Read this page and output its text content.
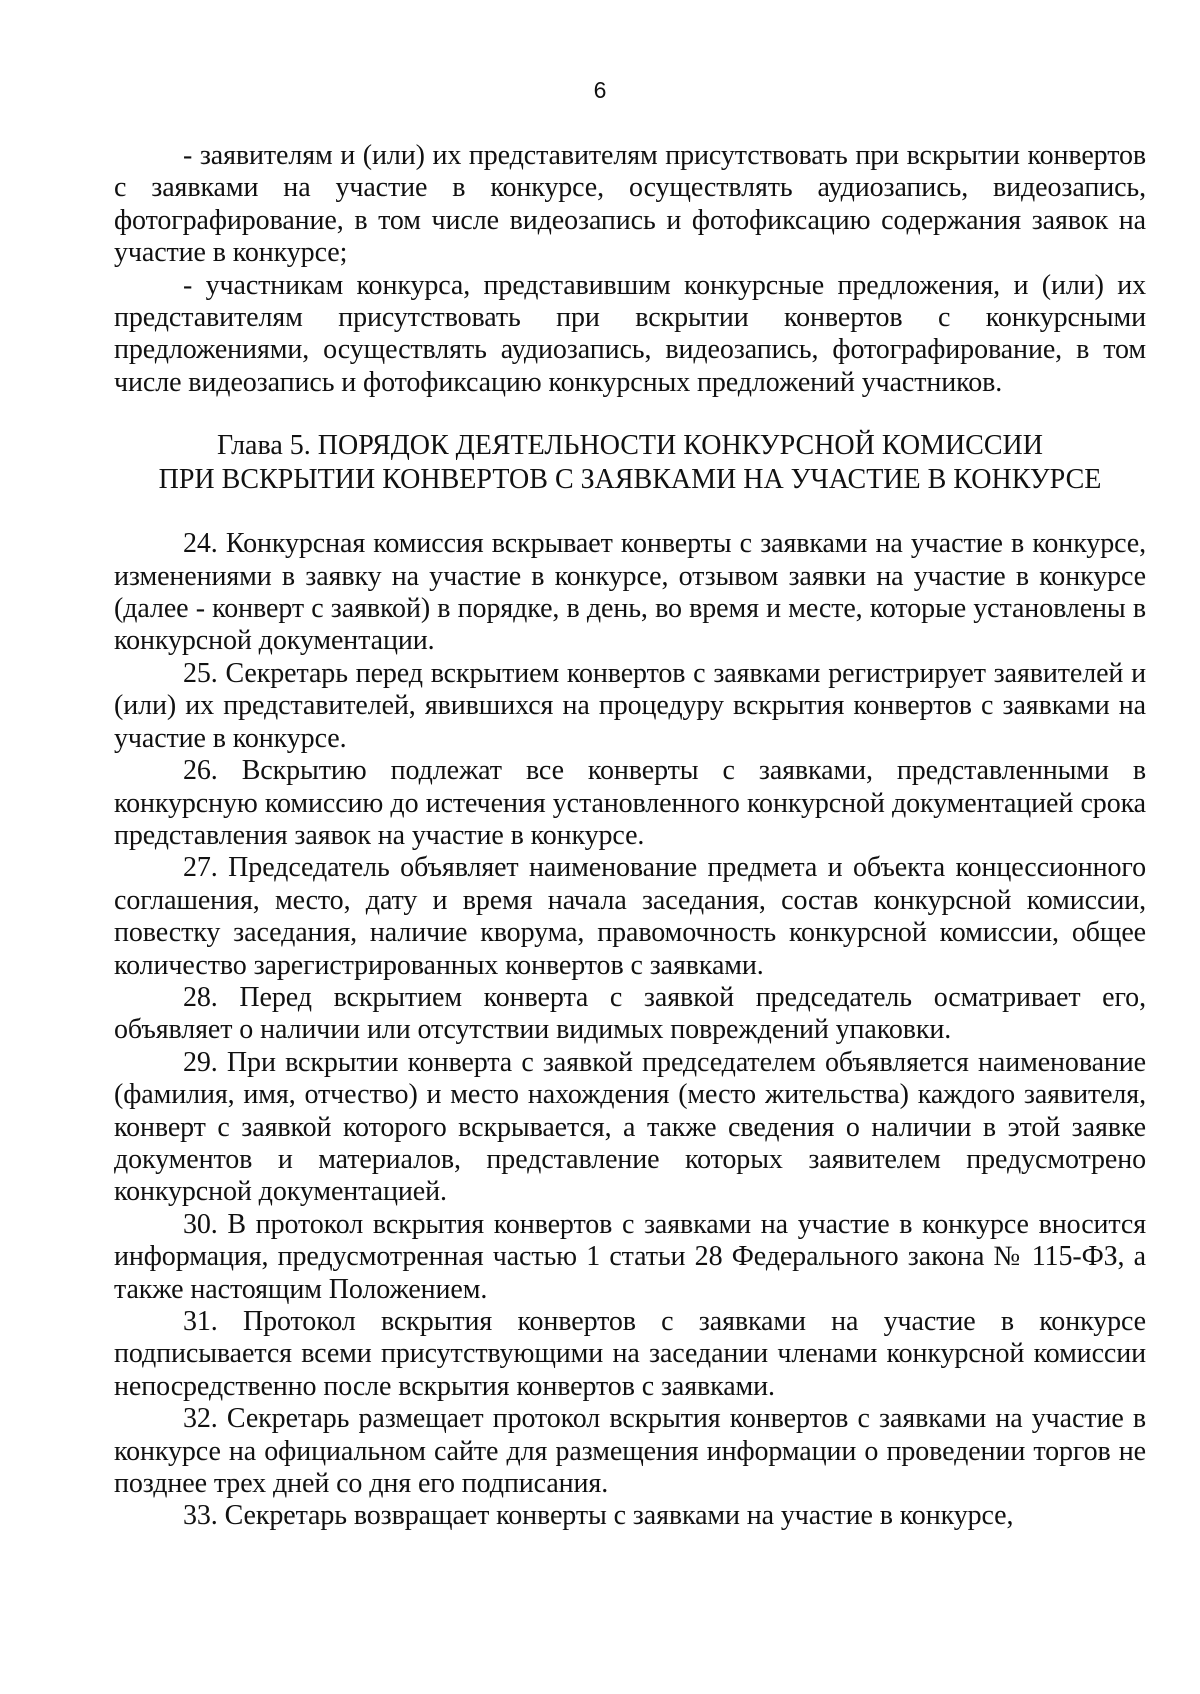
6

- заявителям и (или) их представителям присутствовать при вскрытии конвертов с заявками на участие в конкурсе, осуществлять аудиозапись, видеозапись, фотографирование, в том числе видеозапись и фотофиксацию содержания заявок на участие в конкурсе;

- участникам конкурса, представившим конкурсные предложения, и (или) их представителям присутствовать при вскрытии конвертов с конкурсными предложениями, осуществлять аудиозапись, видеозапись, фотографирование, в том числе видеозапись и фотофиксацию конкурсных предложений участников.

Глава 5. ПОРЯДОК ДЕЯТЕЛЬНОСТИ КОНКУРСНОЙ КОМИССИИ
ПРИ ВСКРЫТИИ КОНВЕРТОВ С ЗАЯВКАМИ НА УЧАСТИЕ В КОНКУРСЕ

24. Конкурсная комиссия вскрывает конверты с заявками на участие в конкурсе, изменениями в заявку на участие в конкурсе, отзывом заявки на участие в конкурсе (далее - конверт с заявкой) в порядке, в день, во время и месте, которые установлены в конкурсной документации.

25. Секретарь перед вскрытием конвертов с заявками регистрирует заявителей и (или) их представителей, явившихся на процедуру вскрытия конвертов с заявками на участие в конкурсе.

26. Вскрытию подлежат все конверты с заявками, представленными в конкурсную комиссию до истечения установленного конкурсной документацией срока представления заявок на участие в конкурсе.

27. Председатель объявляет наименование предмета и объекта концессионного соглашения, место, дату и время начала заседания, состав конкурсной комиссии, повестку заседания, наличие кворума, правомочность конкурсной комиссии, общее количество зарегистрированных конвертов с заявками.

28. Перед вскрытием конверта с заявкой председатель осматривает его, объявляет о наличии или отсутствии видимых повреждений упаковки.

29. При вскрытии конверта с заявкой председателем объявляется наименование (фамилия, имя, отчество) и место нахождения (место жительства) каждого заявителя, конверт с заявкой которого вскрывается, а также сведения о наличии в этой заявке документов и материалов, представление которых заявителем предусмотрено конкурсной документацией.

30. В протокол вскрытия конвертов с заявками на участие в конкурсе вносится информация, предусмотренная частью 1 статьи 28 Федерального закона № 115-ФЗ, а также настоящим Положением.

31. Протокол вскрытия конвертов с заявками на участие в конкурсе подписывается всеми присутствующими на заседании членами конкурсной комиссии непосредственно после вскрытия конвертов с заявками.

32. Секретарь размещает протокол вскрытия конвертов с заявками на участие в конкурсе на официальном сайте для размещения информации о проведении торгов не позднее трех дней со дня его подписания.

33. Секретарь возвращает конверты с заявками на участие в конкурсе,
